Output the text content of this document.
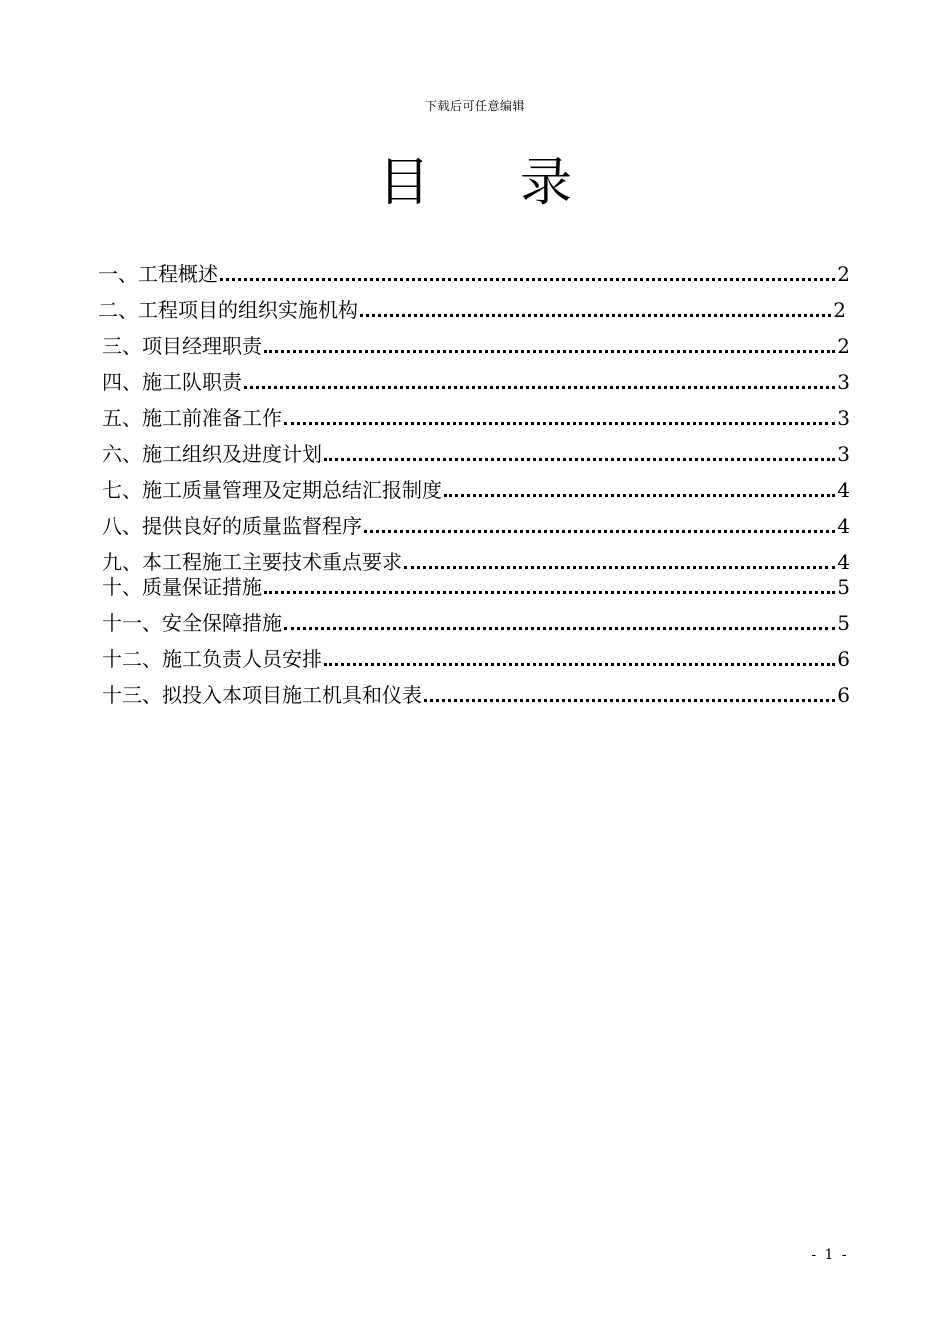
下载后可任意编辑
目录
一、工程概述	2
二、工程项目的组织实施机构	2
三、项目经理职责	2
四、施工队职责	3
五、施工前准备工作	3
六、施工组织及进度计划	3
七、施工质量管理及定期总结汇报制度	4
八、提供良好的质量监督程序	4
九、本工程施工主要技术重点要求	4
十、质量保证措施	5
十一、安全保障措施	5
十二、施工负责人员安排	6
十三、拟投入本项目施工机具和仪表	6
- 1 -
